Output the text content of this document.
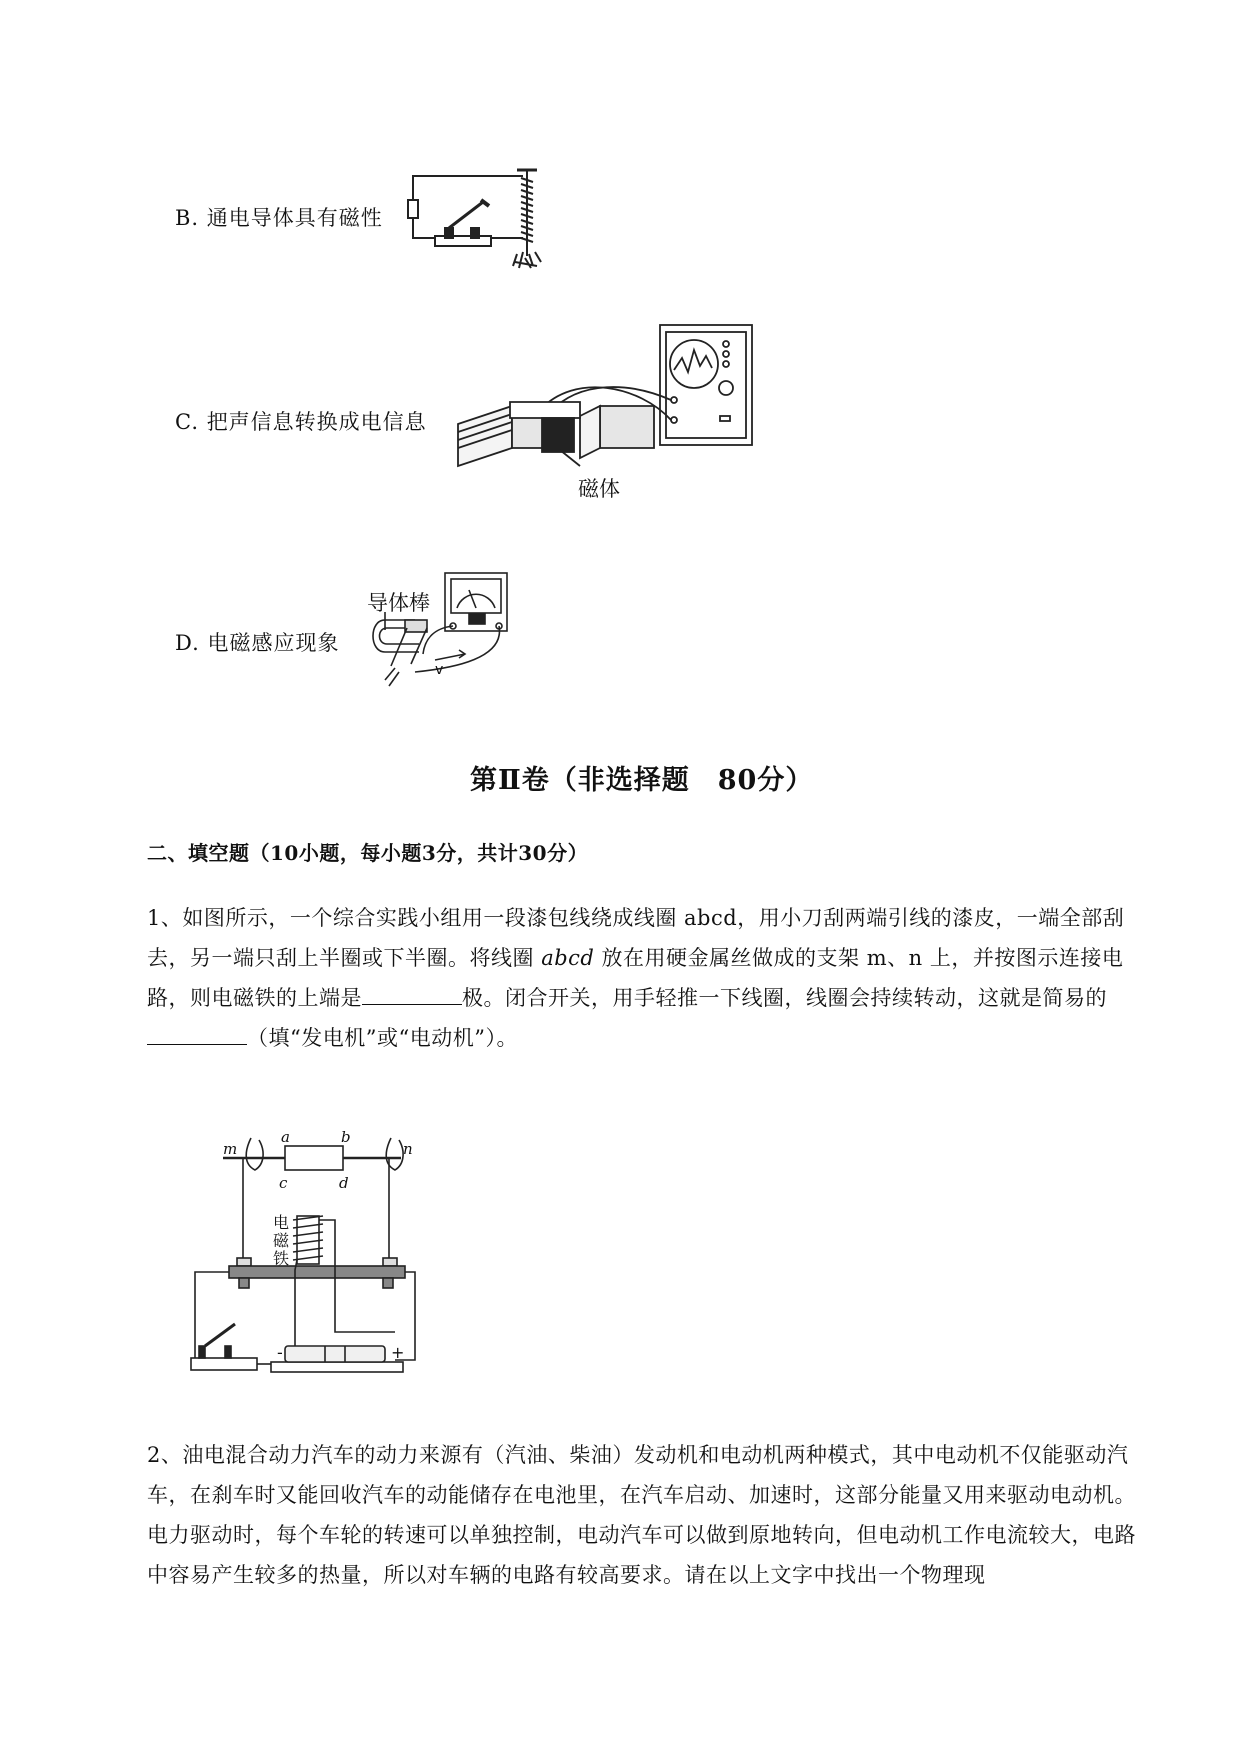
B. 通电导体具有磁性
C. 把声信息转换成电信息
磁体
D. 电磁感应现象
导体棒
v
第Ⅱ卷（非选择题　80分）
二、填空题（10小题，每小题3分，共计30分）
1、如图所示，一个综合实践小组用一段漆包线绕成线圈 abcd，用小刀刮两端引线的漆皮，一端全部刮去，另一端只刮上半圈或下半圈。将线圈 abcd 放在用硬金属丝做成的支架 m、n 上，并按图示连接电路，则电磁铁的上端是	极。闭合开关，用手轻推一下线圈，线圈会持续转动，这就是简易的（填“发电机”或“电动机”）。
m	n
a	b
c	d
电
磁
铁
-	+
2、油电混合动力汽车的动力来源有（汽油、柴油）发动机和电动机两种模式，其中电动机不仅能驱动汽车，在刹车时又能回收汽车的动能储存在电池里，在汽车启动、加速时，这部分能量又用来驱动电动机。电力驱动时，每个车轮的转速可以单独控制，电动汽车可以做到原地转向，但电动机工作电流较大，电路中容易产生较多的热量，所以对车辆的电路有较高要求。请在以上文字中找出一个物理现
